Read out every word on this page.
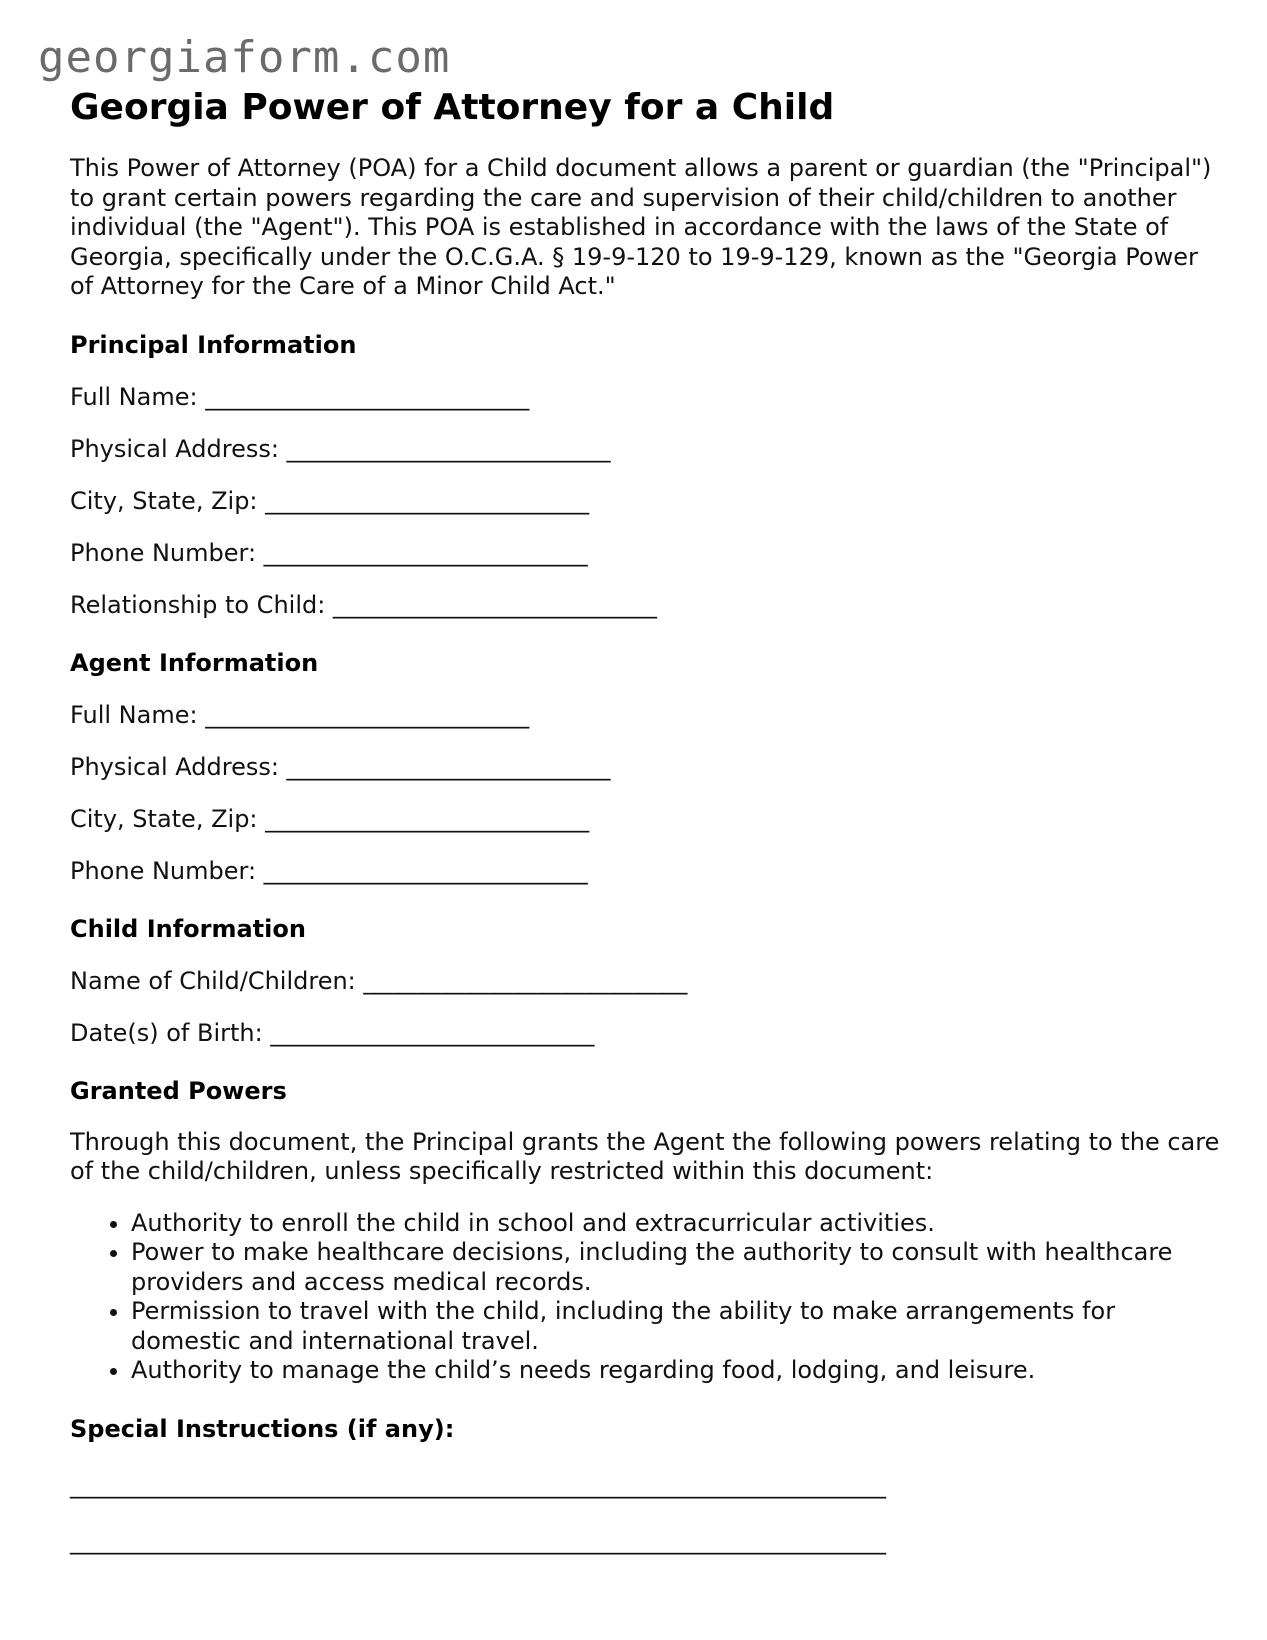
georgiaform.com
Georgia Power of Attorney for a Child

This Power of Attorney (POA) for a Child document allows a parent or guardian (the "Principal") to grant certain powers regarding the care and supervision of their child/children to another individual (the "Agent"). This POA is established in accordance with the laws of the State of Georgia, specifically under the O.C.G.A. § 19-9-120 to 19-9-129, known as the "Georgia Power of Attorney for the Care of a Minor Child Act."

Principal Information

Full Name: ___________________________

Physical Address: ___________________________

City, State, Zip: ___________________________

Phone Number: ___________________________

Relationship to Child: ___________________________

Agent Information

Full Name: ___________________________

Physical Address: ___________________________

City, State, Zip: ___________________________

Phone Number: ___________________________

Child Information

Name of Child/Children: ___________________________

Date(s) of Birth: ___________________________

Granted Powers

Through this document, the Principal grants the Agent the following powers relating to the care of the child/children, unless specifically restricted within this document:

• Authority to enroll the child in school and extracurricular activities.
• Power to make healthcare decisions, including the authority to consult with healthcare providers and access medical records.
• Permission to travel with the child, including the ability to make arrangements for domestic and international travel.
• Authority to manage the child’s needs regarding food, lodging, and leisure.
Special Instructions (if any):

____________________________________________________________________

____________________________________________________________________
